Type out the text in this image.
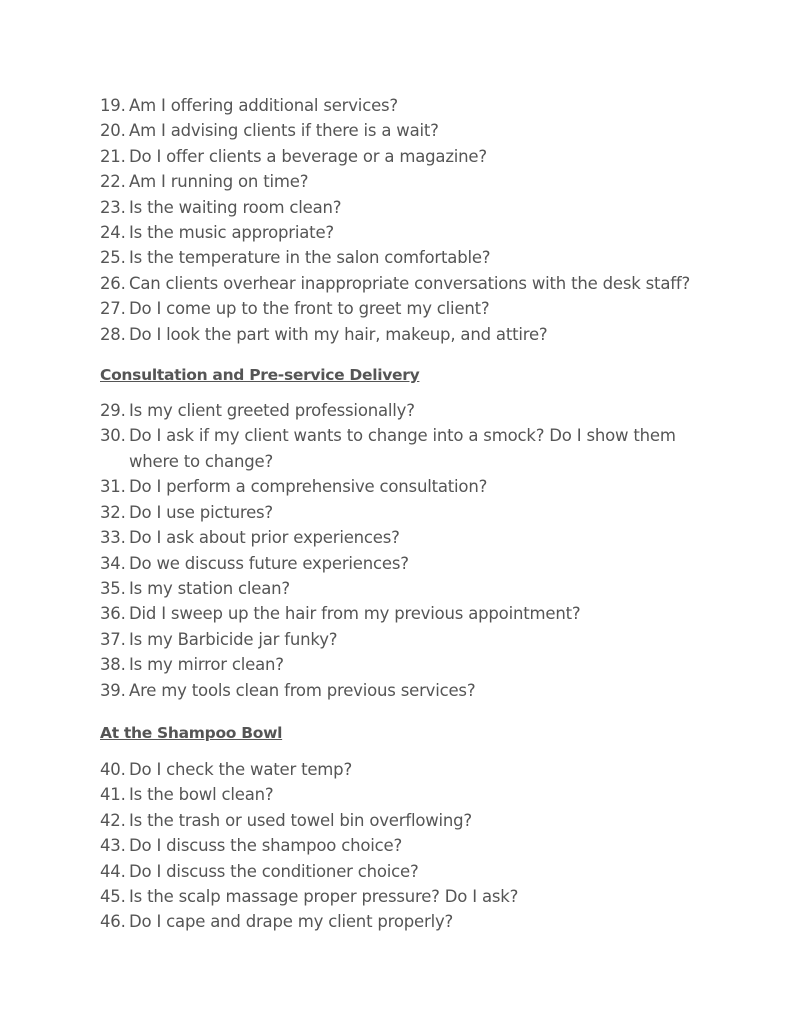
19. Am I offering additional services?
20. Am I advising clients if there is a wait?
21. Do I offer clients a beverage or a magazine?
22. Am I running on time?
23. Is the waiting room clean?
24. Is the music appropriate?
25. Is the temperature in the salon comfortable?
26. Can clients overhear inappropriate conversations with the desk staff?
27. Do I come up to the front to greet my client?
28. Do I look the part with my hair, makeup, and attire?
Consultation and Pre-service Delivery
29. Is my client greeted professionally?
30. Do I ask if my client wants to change into a smock? Do I show them where to change?
31. Do I perform a comprehensive consultation?
32. Do I use pictures?
33. Do I ask about prior experiences?
34. Do we discuss future experiences?
35. Is my station clean?
36. Did I sweep up the hair from my previous appointment?
37. Is my Barbicide jar funky?
38. Is my mirror clean?
39. Are my tools clean from previous services?
At the Shampoo Bowl
40. Do I check the water temp?
41. Is the bowl clean?
42. Is the trash or used towel bin overflowing?
43. Do I discuss the shampoo choice?
44. Do I discuss the conditioner choice?
45. Is the scalp massage proper pressure? Do I ask?
46. Do I cape and drape my client properly?
